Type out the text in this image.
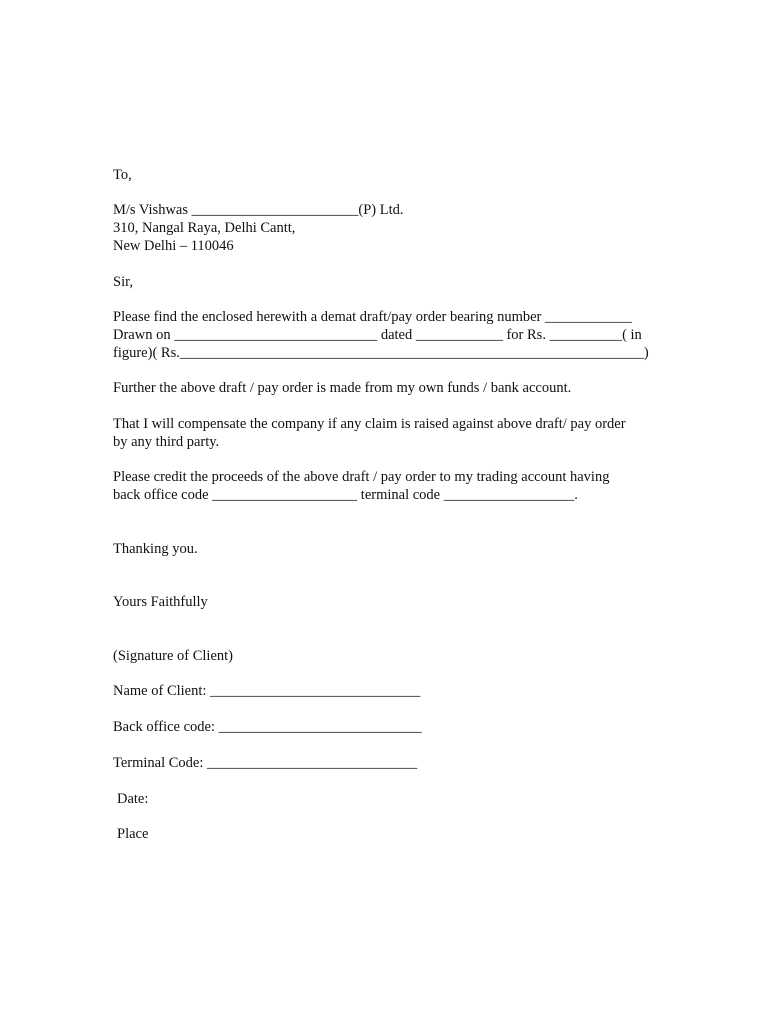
To,

M/s Vishwas _______________________(P) Ltd.

310, Nangal Raya, Delhi Cantt,

New Delhi – 110046

Sir,

Please find the enclosed herewith a demat draft/pay order bearing number ____________

Drawn on ____________________________ dated ____________ for Rs. __________( in

figure)( Rs.________________________________________________________________)

Further the above draft / pay order is made from my own funds / bank account.

That I will compensate the company if any claim is raised against above draft/ pay order

by any third party.

Please credit the proceeds of the above draft / pay order to my trading account having

back office code ____________________ terminal code __________________.

Thanking you.

Yours Faithfully

(Signature of Client)

Name of Client: _____________________________

Back office code: ____________________________

Terminal Code: _____________________________

Date:

Place
